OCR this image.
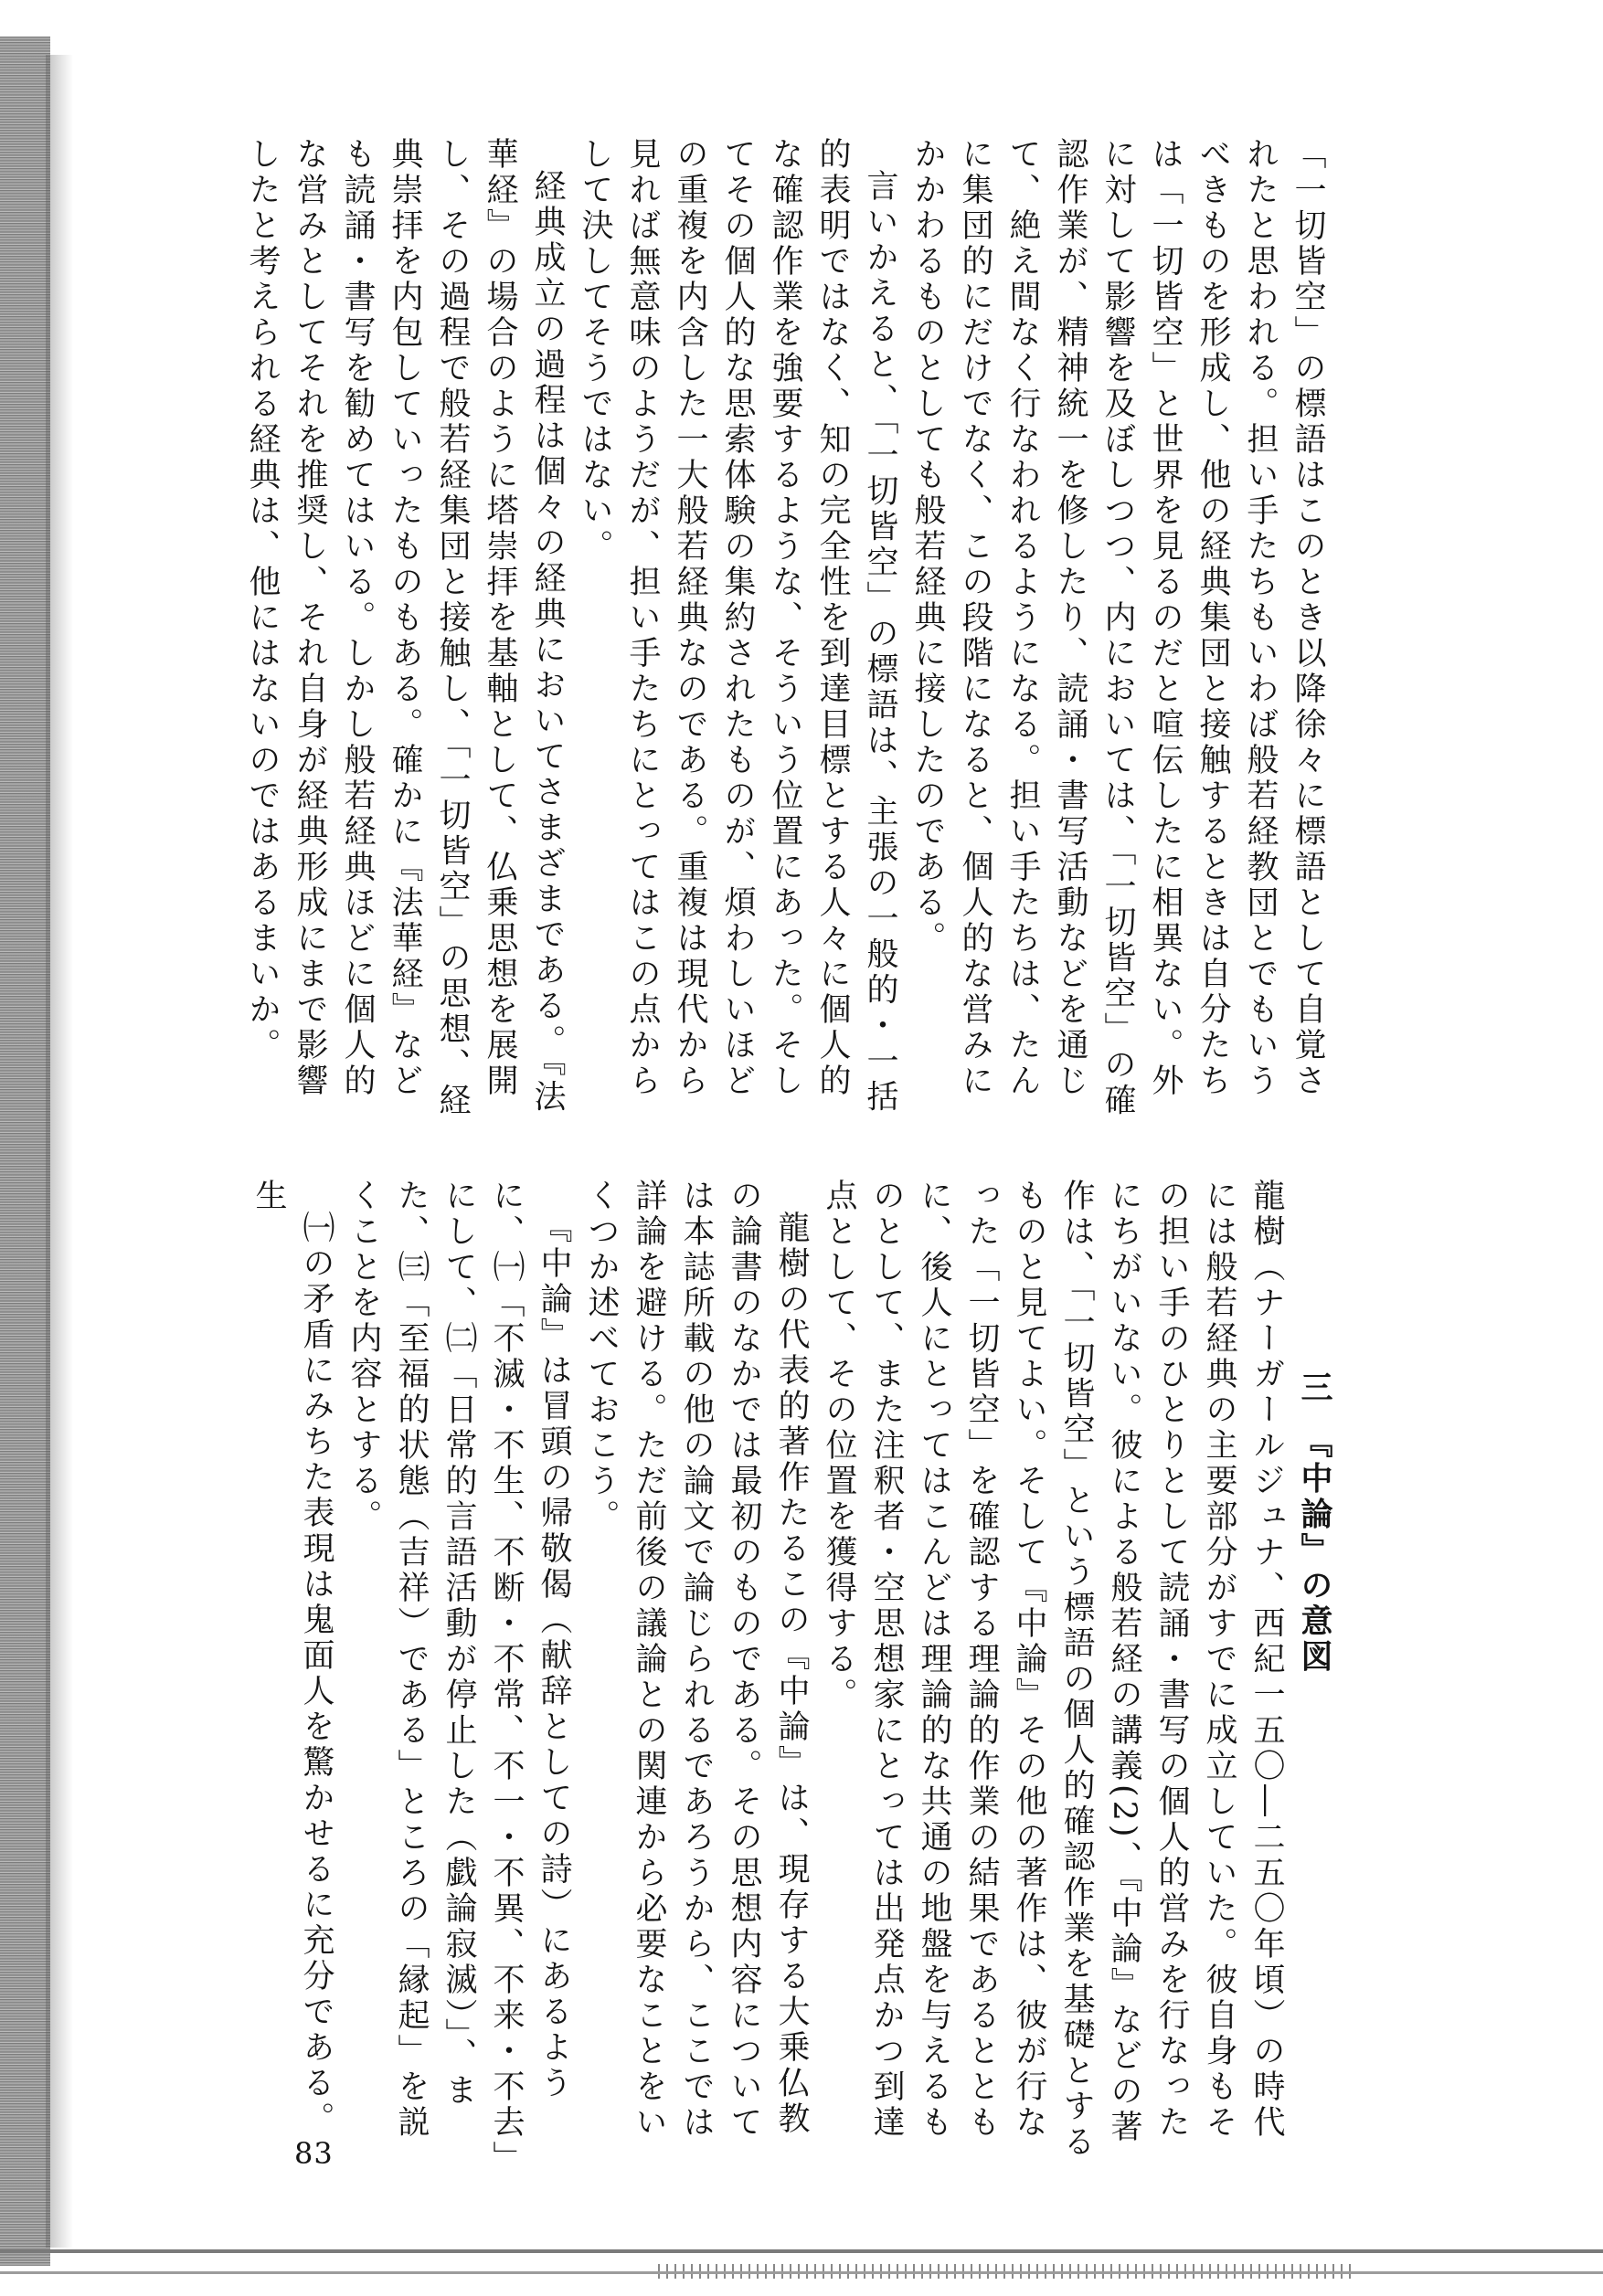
「一切皆空」の標語はこのとき以降徐々に標語として自覚されたと思われる。担い手たちもいわば般若経教団とでもいうべきものを形成し、他の経典集団と接触するときは自分たちは「一切皆空」と世界を見るのだと喧伝したに相異ない。外に対して影響を及ぼしつつ、内においては、「一切皆空」の確認作業が、精神統一を修したり、読誦・書写活動などを通じて、絶え間なく行なわれるようになる。担い手たちは、たんに集団的にだけでなく、この段階になると、個人的な営みにかかわるものとしても般若経典に接したのである。

言いかえると、「一切皆空」の標語は、主張の一般的・一括的表明ではなく、知の完全性を到達目標とする人々に個人的な確認作業を強要するような、そういう位置にあった。そしてその個人的な思索体験の集約されたものが、煩わしいほどの重複を内含した一大般若経典なのである。重複は現代から見れば無意味のようだが、担い手たちにとってはこの点からして決してそうではない。

経典成立の過程は個々の経典においてさまざまである。『法華経』の場合のように塔崇拝を基軸として、仏乗思想を展開し、その過程で般若経集団と接触し、「一切皆空」の思想、経典崇拝を内包していったものもある。確かに『法華経』なども読誦・書写を勧めてはいる。しかし般若経典ほどに個人的な営みとしてそれを推奨し、それ自身が経典形成にまで影響したと考えられる経典は、他にはないのではあるまいか。

三　『中論』の意図

龍樹（ナーガールジュナ、西紀一五〇―二五〇年頃）の時代には般若経典の主要部分がすでに成立していた。彼自身もその担い手のひとりとして読誦・書写の個人的営みを行なったにちがいない。彼による般若経の講義(2)、『中論』などの著作は、「一切皆空」という標語の個人的確認作業を基礎とするものと見てよい。そして『中論』その他の著作は、彼が行なった「一切皆空」を確認する理論的作業の結果であるとともに、後人にとってはこんどは理論的な共通の地盤を与えるものとして、また注釈者・空思想家にとっては出発点かつ到達点として、その位置を獲得する。

龍樹の代表的著作たるこの『中論』は、現存する大乗仏教の論書のなかでは最初のものである。その思想内容については本誌所載の他の論文で論じられるであろうから、ここでは詳論を避ける。ただ前後の議論との関連から必要なことをいくつか述べておこう。

『中論』は冒頭の帰敬偈（献辞としての詩）にあるように、㈠「不滅・不生、不断・不常、不一・不異、不来・不去」にして、㈡「日常的言語活動が停止した（戯論寂滅）」、また、㈢「至福的状態（吉祥）である」ところの「縁起」を説くことを内容とする。

㈠の矛盾にみちた表現は鬼面人を驚かせるに充分である。生

83
